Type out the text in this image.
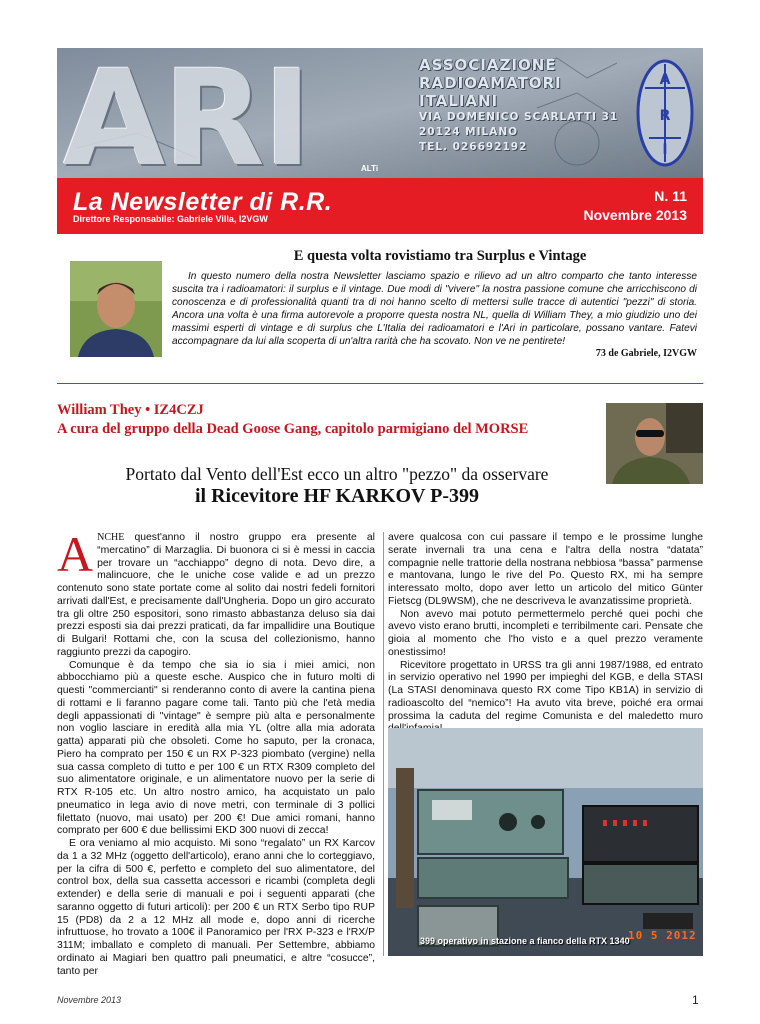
ARI	ALTi
ASSOCIAZIONE
RADIOAMATORI
ITALIANI
VIA DOMENICO SCARLATTI 31
20124 MILANO
TEL. 026692192
A
R
I
La Newsletter di R.R.
Direttore Responsabile: Gabriele Villa, I2VGW
N. 11
Novembre 2013
E questa volta rovistiamo tra Surplus e Vintage
In questo numero della nostra Newsletter lasciamo spazio e rilievo ad un altro comparto che tanto interesse suscita tra i radioamatori: il surplus e il vintage. Due modi di "vivere" la nostra passione comune che arricchiscono di conoscenza e di professionalità quanti tra di noi hanno scelto di mettersi sulle tracce di autentici "pezzi" di storia. Ancora una volta è una firma autorevole a proporre questa nostra NL, quella di William They, a mio giudizio uno dei massimi esperti di vintage e di surplus che L'Italia dei radioamatori e l'Ari in particolare, possano vantare. Fatevi accompagnare da lui alla scoperta di un'altra rarità che ha scovato. Non ve ne pentirete!
73 de Gabriele, I2VGW
William They • IZ4CZJ
A cura del gruppo della Dead Goose Gang, capitolo parmigiano del MORSE
Portato dal Vento dell'Est ecco un altro "pezzo" da osservare
il Ricevitore HF KARKOV P-399

ANCHE quest'anno il nostro gruppo era presente al “mercatino” di Marzaglia. Di buonora ci si è messi in caccia per trovare un “acchiappo” degno di nota. Devo dire, a malincuore, che le uniche cose valide e ad un prezzo contenuto sono state portate come al solito dai nostri fedeli fornitori arrivati dall'Est, e precisamente dall'Ungheria. Dopo un giro accurato tra gli oltre 250 espositori, sono rimasto abbastanza deluso sia dai prezzi esposti sia dai prezzi praticati, da far impallidire una Boutique di Bulgari! Rottami che, con la scusa del collezionismo, hanno raggiunto prezzi da capogiro.

Comunque è da tempo che sia io sia i miei amici, non abbocchiamo più a queste esche. Auspico che in futuro molti di questi "commercianti" si renderanno conto di avere la cantina piena di rottami e li faranno pagare come tali. Tanto più che l'età media degli appassionati di "vintage" è sempre più alta e personalmente non voglio lasciare in eredità alla mia YL (oltre alla mia adorata gatta) apparati più che obsoleti. Come ho saputo, per la cronaca, Piero ha comprato per 150 € un RX P-323 piombato (vergine) nella sua cassa completo di tutto e per 100 € un RTX R309 completo del suo alimentatore originale, e un alimentatore nuovo per la serie di RTX R-105 etc. Un altro nostro amico, ha acquistato un palo pneumatico in lega avio di nove metri, con terminale di 3 pollici filettato (nuovo, mai usato) per 200 €! Due amici romani, hanno comprato per 600 € due bellissimi EKD 300 nuovi di zecca!

E ora veniamo al mio acquisto. Mi sono “regalato” un RX Karcov da 1 a 32 MHz (oggetto dell'articolo), erano anni che lo corteggiavo, per la cifra di 500 €, perfetto e completo del suo alimentatore, del control box, della sua cassetta accessori e ricambi (completa degli extender) e della serie di manuali e poi i seguenti apparati (che saranno oggetto di futuri articoli): per 200 € un RTX Serbo tipo RUP 15 (PD8) da 2 a 12 MHz all mode e, dopo anni di ricerche infruttuose, ho trovato a 100€ il Panoramico per l'RX P-323 e l'RX/P 311M; imballato e completo di manuali. Per Settembre, abbiamo ordinato ai Magiari ben quattro pali pneumatici, e altre “cosucce”, tanto per

avere qualcosa con cui passare il tempo e le prossime lunghe serate invernali tra una cena e l'altra della nostra “datata” compagnie nelle trattorie della nostrana nebbiosa “bassa” parmense e mantovana, lungo le rive del Po. Questo RX, mi ha sempre interessato molto, dopo aver letto un articolo del mitico Günter Fietscg (DL9WSM), che ne descriveva le avanzatissime proprietà.

Non avevo mai potuto permettermelo perché quei pochi che avevo visto erano brutti, incompleti e terribilmente cari. Pensate che gioia al momento che l'ho visto e a quel prezzo veramente onestissimo!

Ricevitore progettato in URSS tra gli anni 1987/1988, ed entrato in servizio operativo nel 1990 per impieghi del KGB, e della STASI (La STASI denominava questo RX come Tipo KB1A) in servizio di radioascolto del “nemico”! Ha avuto vita breve, poiché era ormai prossima la caduta del regime Comunista e del maledetto muro

399 operativo in stazione a fianco della RTX 1340
10 5 2012
Novembre 2013	1
